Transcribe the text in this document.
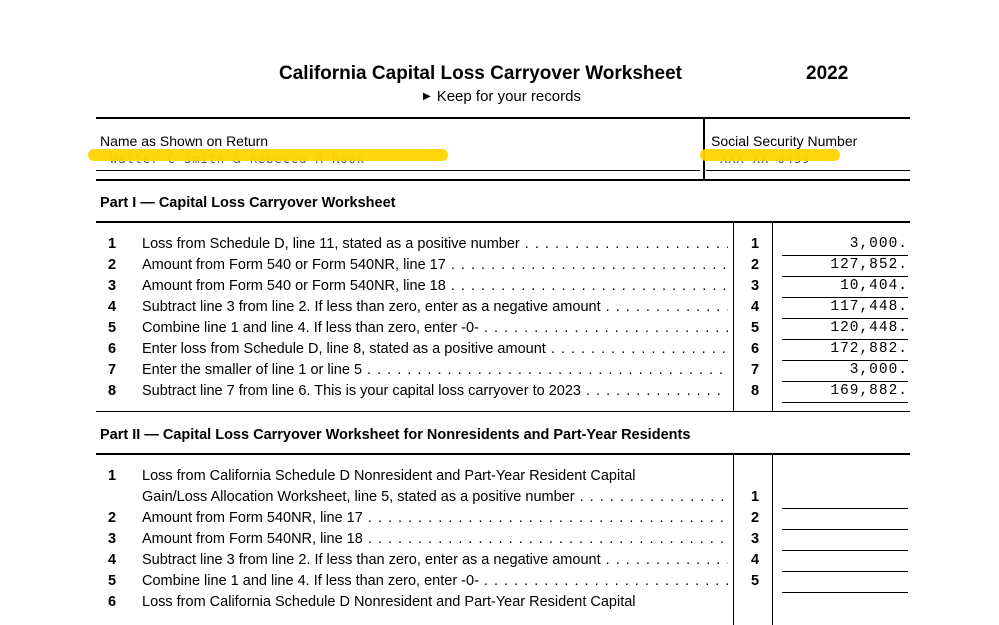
California Capital Loss Carryover Worksheet	2022
▶ Keep for your records
Name as Shown on Return	Social Security Number
Part I — Capital Loss Carryover Worksheet
1 Loss from Schedule D, line 11, stated as a positive number . . .	1	3,000.
2 Amount from Form 540 or Form 540NR, line 17 . . .	2	127,852.
3 Amount from Form 540 or Form 540NR, line 18 . . .	3	10,404.
4 Subtract line 3 from line 2. If less than zero, enter as a negative amount . . .	4	117,448.
5 Combine line 1 and line 4. If less than zero, enter -0- . . .	5	120,448.
6 Enter loss from Schedule D, line 8, stated as a positive amount . . .	6	172,882.
7 Enter the smaller of line 1 or line 5 . . .	7	3,000.
8 Subtract line 7 from line 6. This is your capital loss carryover to 2023 . . .	8	169,882.
Part II — Capital Loss Carryover Worksheet for Nonresidents and Part-Year Residents
1 Loss from California Schedule D Nonresident and Part-Year Resident Capital
Gain/Loss Allocation Worksheet, line 5, stated as a positive number . . .	1
2 Amount from Form 540NR, line 17 . . .	2
3 Amount from Form 540NR, line 18 . . .	3
4 Subtract line 3 from line 2. If less than zero, enter as a negative amount . . .	4
5 Combine line 1 and line 4. If less than zero, enter -0- . . .	5
6 Loss from California Schedule D Nonresident and Part-Year Resident Capital
